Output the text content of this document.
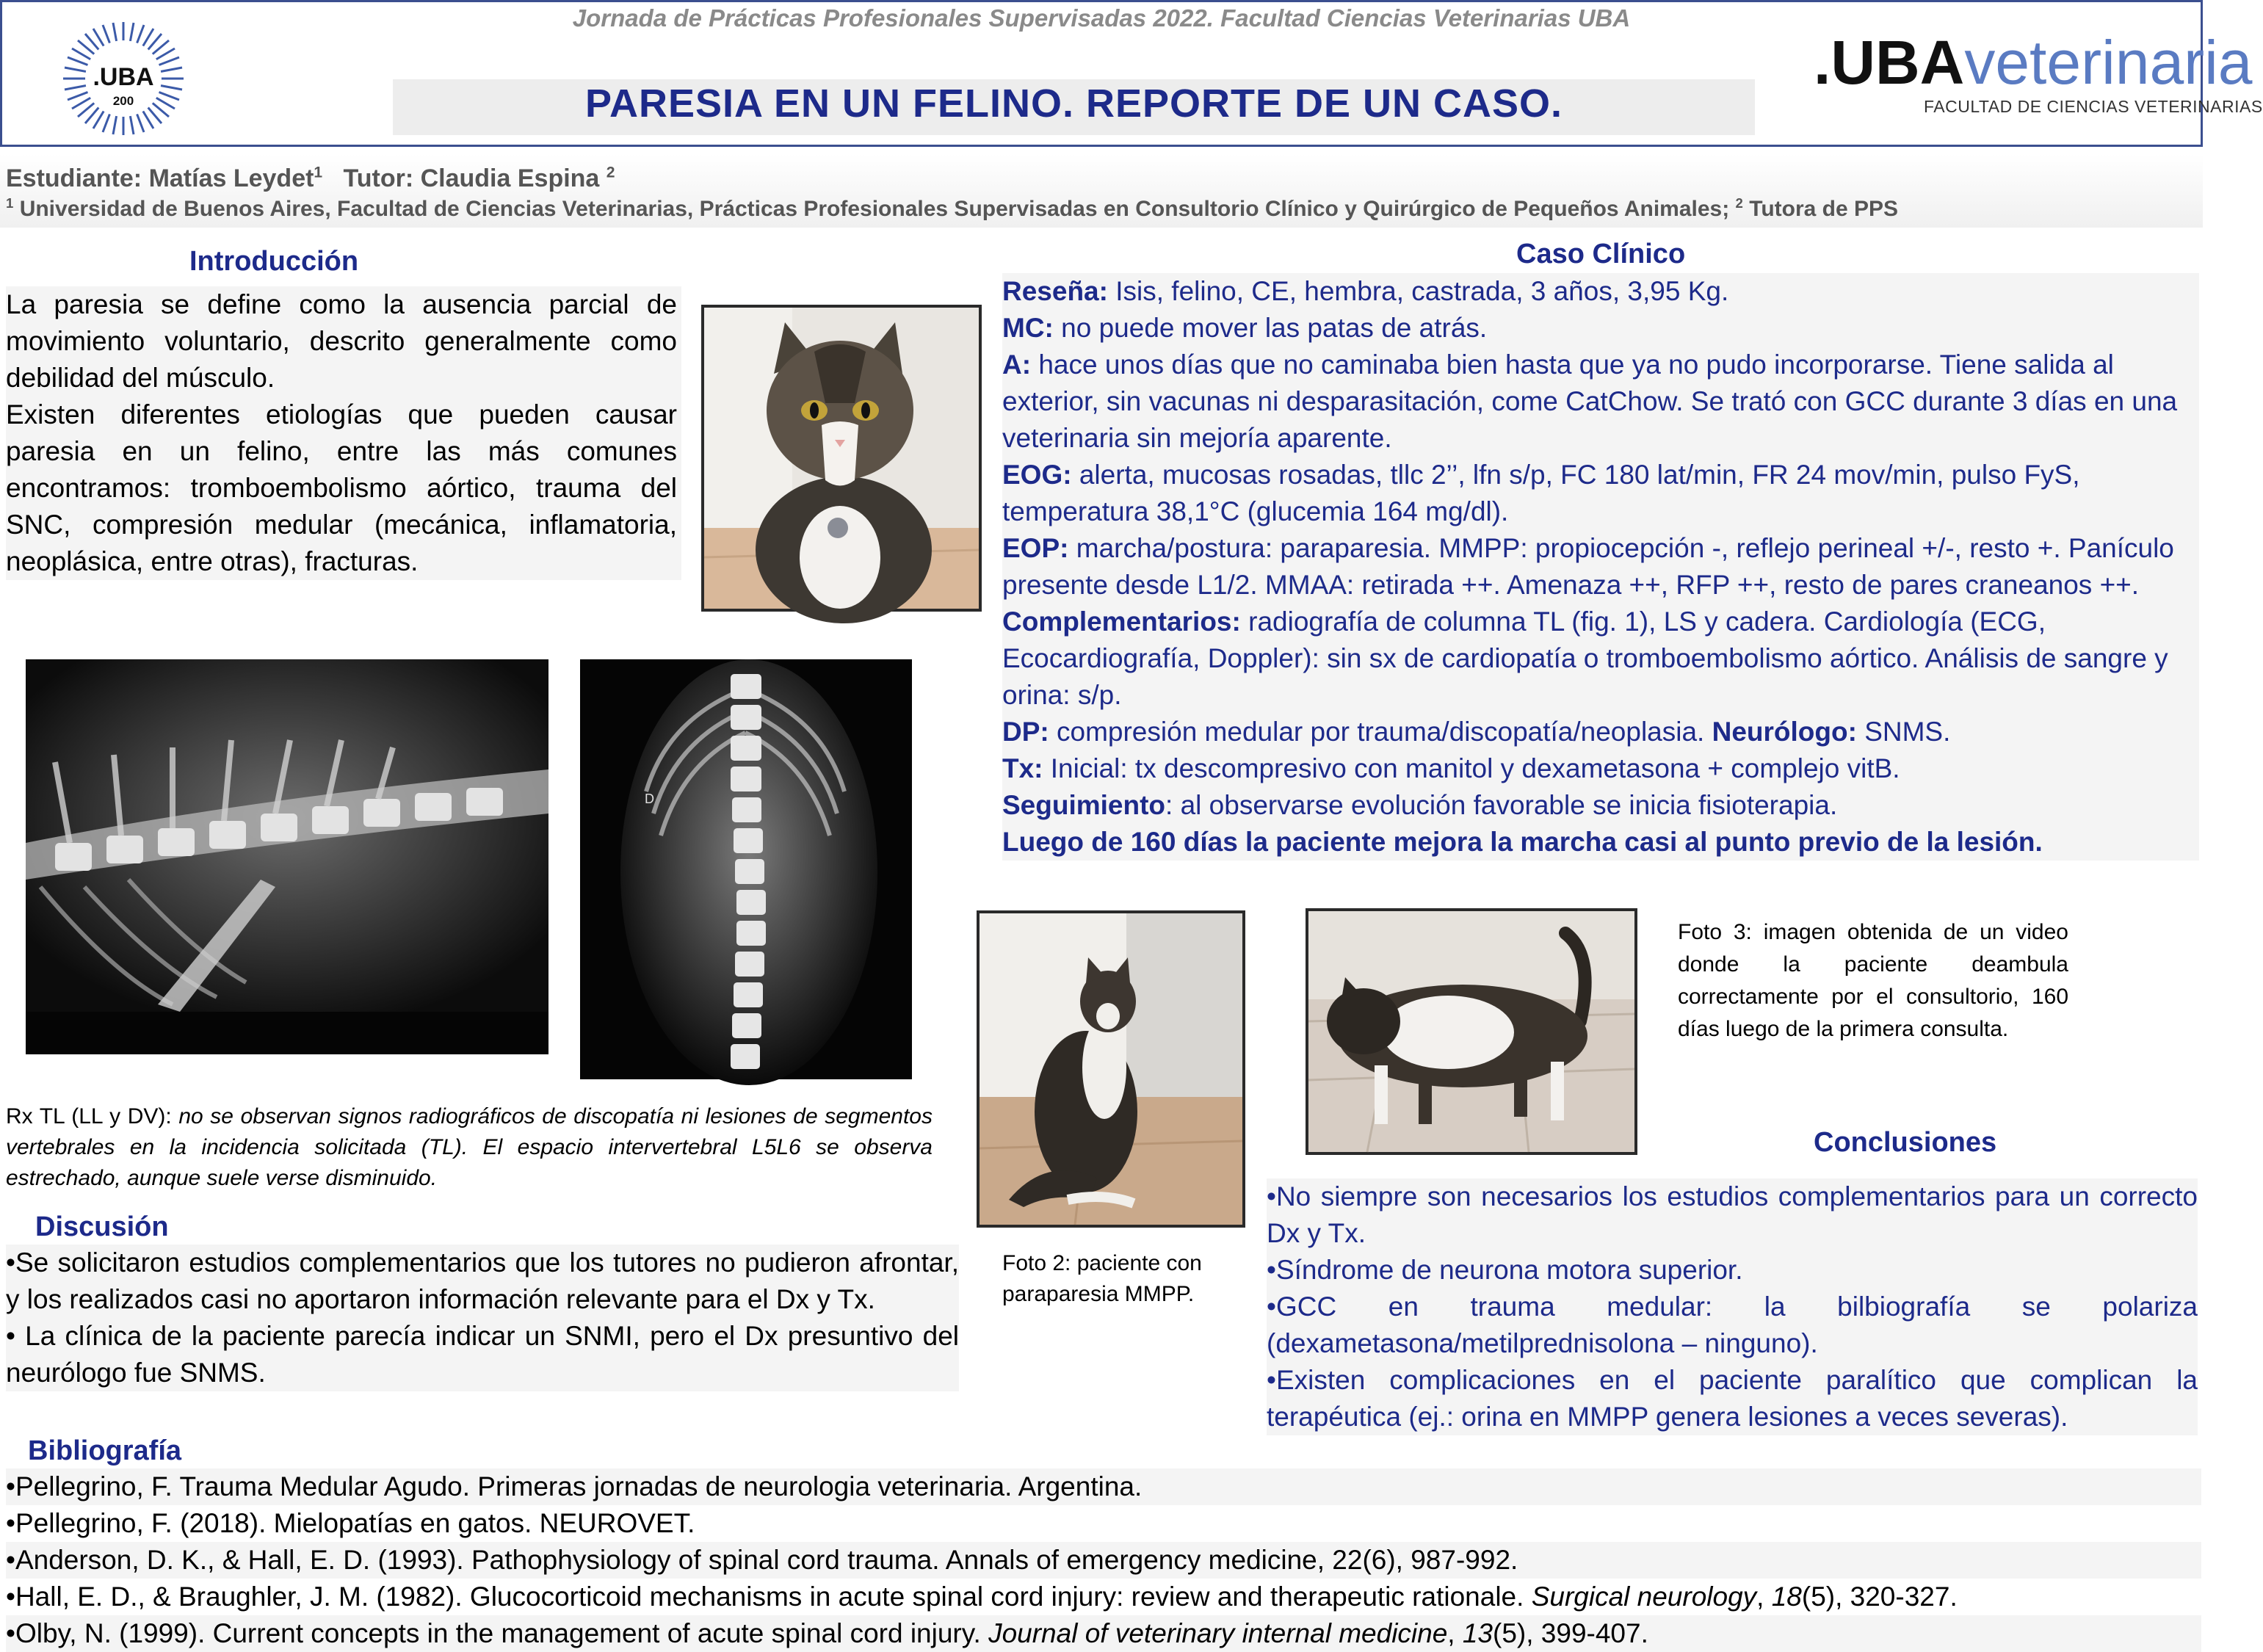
Jornada de Prácticas Profesionales Supervisadas 2022. Facultad Ciencias Veterinarias UBA
PARESIA EN UN FELINO. REPORTE DE UN CASO.
.UBA
200
.UBAveterinaria
FACULTAD DE CIENCIAS VETERINARIAS
Estudiante: Matías Leydet$^1$ Tutor: Claudia Espina $^2$
$^1$ Universidad de Buenos Aires, Facultad de Ciencias Veterinarias, Prácticas Profesionales Supervisadas en Consultorio Clínico y Quirúrgico de Pequeños Animales; $^2$ Tutora de PPS
Introducción
La paresia se define como la ausencia parcial de movimiento voluntario, descrito generalmente como debilidad del músculo.
Existen diferentes etiologías que pueden causar paresia en un felino, entre las más comunes encontramos: tromboembolismo aórtico, trauma del SNC, compresión medular (mecánica, inflamatoria, neoplásica, entre otras), fracturas.
D
Rx TL (LL y DV): no se observan signos radiográficos de discopatía ni lesiones de segmentos vertebrales en la incidencia solicitada (TL). El espacio intervertebral L5L6 se observa estrechado, aunque suele verse disminuido.
Discusión
•Se solicitaron estudios complementarios que los tutores no pudieron afrontar, y los realizados casi no aportaron información relevante para el Dx y Tx.
• La clínica de la paciente parecía indicar un SNMI, pero el Dx presuntivo del neurólogo fue SNMS.
Bibliografía
•Pellegrino, F. Trauma Medular Agudo. Primeras jornadas de neurologia veterinaria. Argentina.
•Pellegrino, F. (2018). Mielopatías en gatos. NEUROVET.
•Anderson, D. K., & Hall, E. D. (1993). Pathophysiology of spinal cord trauma. Annals of emergency medicine, 22(6), 987-992.
•Hall, E. D., & Braughler, J. M. (1982). Glucocorticoid mechanisms in acute spinal cord injury: review and therapeutic rationale. Surgical neurology, 18(5), 320-327.
•Olby, N. (1999). Current concepts in the management of acute spinal cord injury. Journal of veterinary internal medicine, 13(5), 399-407.
Caso Clínico
Reseña: Isis, felino, CE, hembra, castrada, 3 años, 3,95 Kg.
MC: no puede mover las patas de atrás.
A: hace unos días que no caminaba bien hasta que ya no pudo incorporarse. Tiene salida al exterior, sin vacunas ni desparasitación, come CatChow. Se trató con GCC durante 3 días en una veterinaria sin mejoría aparente.
EOG: alerta, mucosas rosadas, tllc 2’’, lfn s/p, FC 180 lat/min, FR 24 mov/min, pulso FyS, temperatura 38,1°C (glucemia 164 mg/dl).
EOP: marcha/postura: paraparesia. MMPP: propiocepción -, reflejo perineal +/-, resto +. Panículo presente desde L1/2. MMAA: retirada ++. Amenaza ++, RFP ++, resto de pares craneanos ++.
Complementarios: radiografía de columna TL (fig. 1), LS y cadera. Cardiología (ECG, Ecocardiografía, Doppler): sin sx de cardiopatía o tromboembolismo aórtico. Análisis de sangre y orina: s/p.
DP: compresión medular por trauma/discopatía/neoplasia. Neurólogo: SNMS.
Tx: Inicial: tx descompresivo con manitol y dexametasona + complejo vitB.
Seguimiento: al observarse evolución favorable se inicia fisioterapia.
Luego de 160 días la paciente mejora la marcha casi al punto previo de la lesión.
Foto 2: paciente con paraparesia MMPP.
Foto 3: imagen obtenida de un video donde la paciente deambula correctamente por el consultorio, 160 días luego de la primera consulta.
Conclusiones
•No siempre son necesarios los estudios complementarios para un correcto Dx y Tx.
•Síndrome de neurona motora superior.
•GCC en trauma medular: la bilbiografía se polariza (dexametasona/metilprednisolona – ninguno).
•Existen complicaciones en el paciente paralítico que complican la terapéutica (ej.: orina en MMPP genera lesiones a veces severas).
